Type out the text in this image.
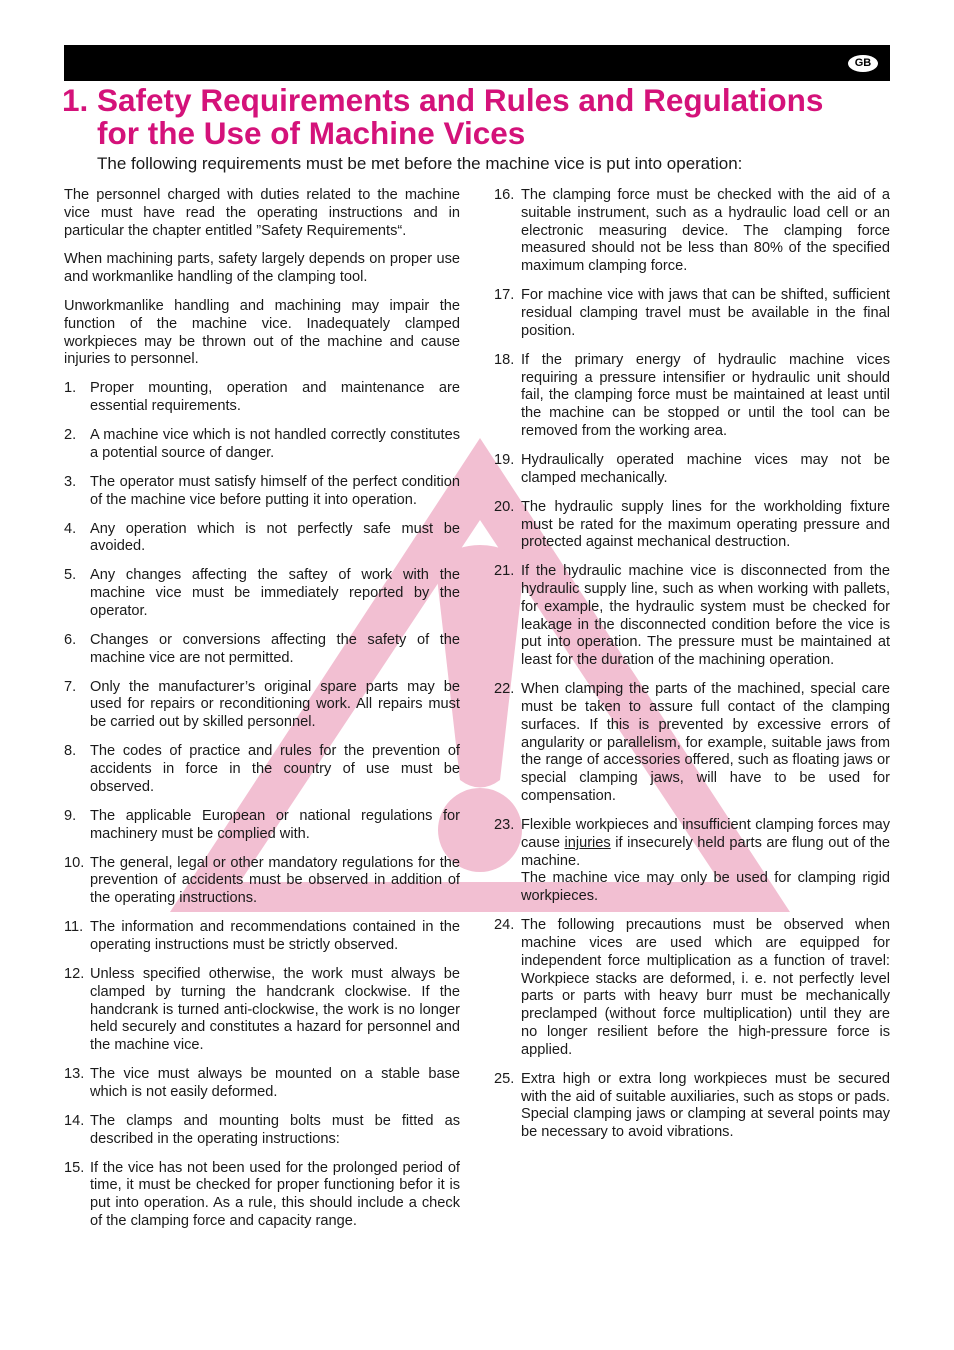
GB
1. Safety Requirements and Rules and Regulations
for the Use of Machine Vices

The following requirements must be met before the machine vice is put into operation:

The personnel charged with duties related to the machine vice must have read the operating instructions and in particular the chapter entitled ”Safety Requirements“.

When machining parts, safety largely depends on proper use and workmanlike handling of the clamping tool.

Unworkmanlike handling and machining may impair the function of the machine vice. Inadequately clamped workpieces may be thrown out of the machine and cause injuries to personnel.

1. Proper mounting, operation and maintenance are essential requirements.
2. A machine vice which is not handled correctly constitutes a potential source of danger.
3. The operator must satisfy himself of the perfect condition of the machine vice before putting it into operation.
4. Any operation which is not perfectly safe must be avoided.
5. Any changes affecting the saftey of work with the machine vice must be immediately reported by the operator.
6. Changes or conversions affecting the safety of the machine vice are not permitted.
7. Only the manufacturer’s original spare parts may be used for repairs or reconditioning work. All repairs must be carried out by skilled personnel.
8. The codes of practice and rules for the prevention of accidents in force in the country of use must be observed.
9. The applicable European or national regulations for machinery must be complied with.
10. The general, legal or other mandatory regulations for the prevention of accidents must be observed in addition of the operating instructions.
11. The information and recommendations contained in the operating instructions must be strictly observed.
12. Unless specified otherwise, the work must always be clamped by turning the handcrank clockwise. If the handcrank is turned anti-clockwise, the work is no longer held securely and constitutes a hazard for personnel and the machine vice.
13. The vice must always be mounted on a stable base which is not easily deformed.
14. The clamps and mounting bolts must be fitted as described in the operating instructions:
15. If the vice has not been used for the prolonged period of time, it must be checked for proper functioning befor it is put into operation. As a rule, this should include a check of the clamping force and capacity range.
16. The clamping force must be checked with the aid of a suitable instrument, such as a hydraulic load cell or an electronic measuring device. The clamping force measured should not be less than 80% of the specified maximum clamping force.
17. For machine vice with jaws that can be shifted, sufficient residual clamping travel must be available in the final position.
18. If the primary energy of hydraulic machine vices requiring a pressure intensifier or hydraulic unit should fail, the clamping force must be maintained at least until the machine can be stopped or until the tool can be removed from the working area.
19. Hydraulically operated machine vices may not be clamped mechanically.
20. The hydraulic supply lines for the workholding fixture must be rated for the maximum operating pressure and protected against mechanical destruction.
21. If the hydraulic machine vice is disconnected from the hydraulic supply line, such as when working with pallets, for example, the hydraulic system must be checked for leakage in the disconnected condition before the vice is put into operation. The pressure must be maintained at least for the duration of the machining operation.
22. When clamping the parts of the machined, special care must be taken to assure full contact of the clamping surfaces. If this is prevented by excessive errors of angularity or parallelism, for example, suitable jaws from the range of accessories offered, such as floating jaws or special clamping jaws, will have to be used for compensation.
23. Flexible workpieces and insufficient clamping forces may cause injuries if insecurely held parts are flung out of the machine.
The machine vice may only be used for clamping rigid workpieces.
24. The following precautions must be observed when machine vices are used which are equipped for independent force multiplication as a function of travel: Workpiece stacks are deformed, i. e. not perfectly level parts or parts with heavy burr must be mechanically preclamped (without force multiplication) until they are no longer resilient before the high-pressure force is applied.
25. Extra high or extra long workpieces must be secured with the aid of suitable auxiliaries, such as stops or pads. Special clamping jaws or clamping at several points may be necessary to avoid vibrations.
